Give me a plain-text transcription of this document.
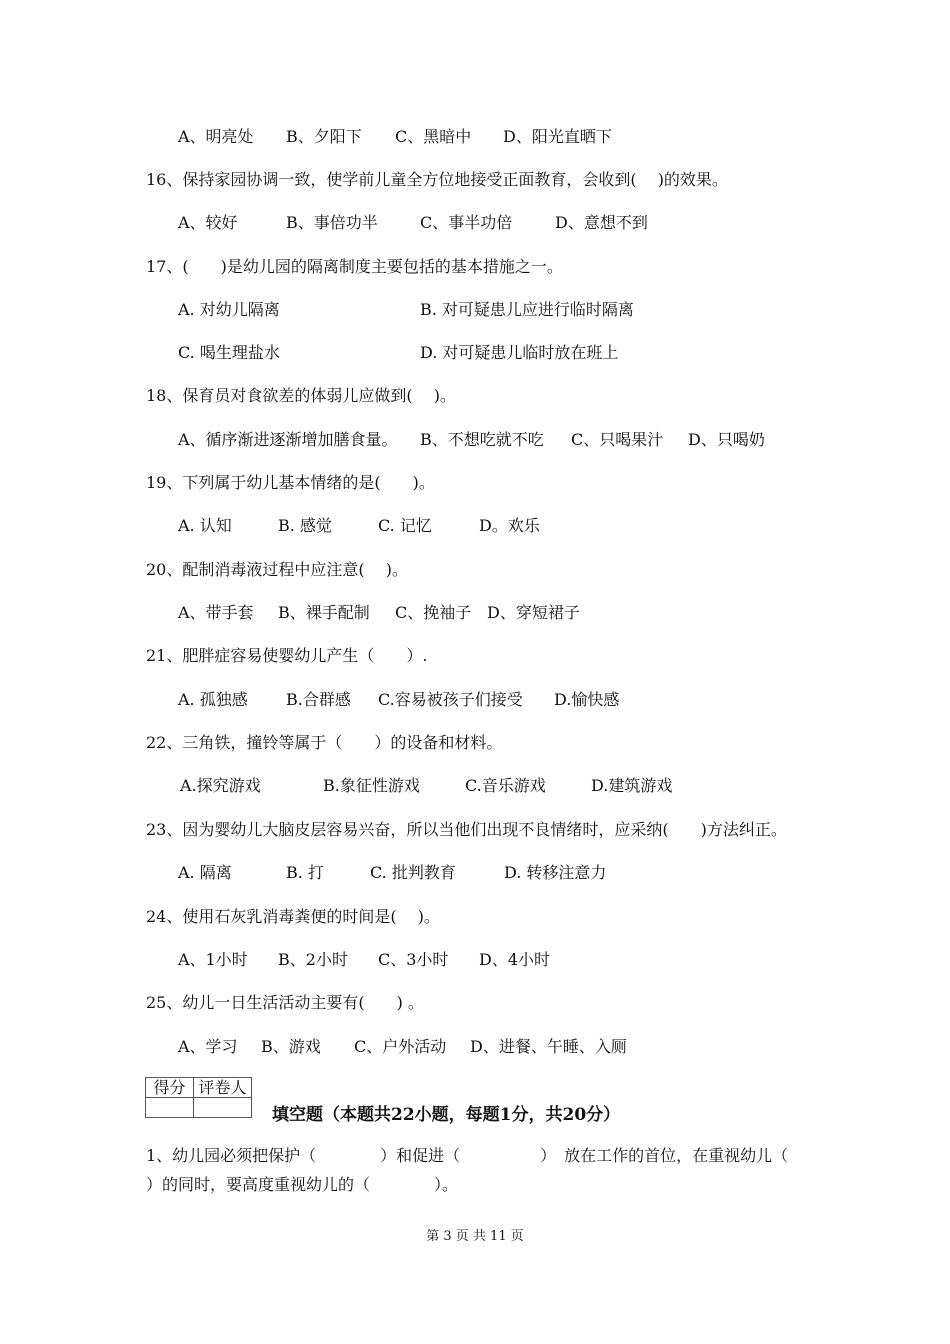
A、明亮处 B、夕阳下 C、黑暗中 D、阳光直晒下
16、保持家园协调一致，使学前儿童全方位地接受正面教育，会收到(　 )的效果。
A、较好	B、事倍功半	C、事半功倍	D、意想不到
17、(　　)是幼儿园的隔离制度主要包括的基本措施之一。
A. 对幼儿隔离	B. 对可疑患儿应进行临时隔离
C. 喝生理盐水	D. 对可疑患儿临时放在班上
18、保育员对食欲差的体弱儿应做到(　 )。
A、循序渐进逐渐增加膳食量。 B、不想吃就不吃 C、只喝果汁 D、只喝奶
19、下列属于幼儿基本情绪的是(　　)。
A. 认知	B. 感觉	C. 记忆	D。欢乐
20、配制消毒液过程中应注意(　 )。
A、带手套 B、裸手配制 C、挽袖子 D、穿短裙子
21、肥胖症容易使婴幼儿产生（　　）.
A. 孤独感 B.合群感 C.容易被孩子们接受 D.愉快感
22、三角铁，撞铃等属于（　　）的设备和材料。
A.探究游戏	B.象征性游戏	C.音乐游戏	D.建筑游戏
23、因为婴幼儿大脑皮层容易兴奋，所以当他们出现不良情绪时，应采纳(　　)方法纠正。
A. 隔离	B. 打	C. 批判教育	D. 转移注意力
24、使用石灰乳消毒粪便的时间是(　 )。
A、1小时 B、2小时 C、3小时 D、4小时
25、幼儿一日生活活动主要有(　　) 。
A、学习 B、游戏 C、户外活动 D、进餐、午睡、入厕
得分	评卷人

填空题（本题共22小题，每题1分，共20分）
1、幼儿园必须把保护（　　　　）和促进（　　　　　）　放在工作的首位，在重视幼儿（
）的同时，要高度重视幼儿的（　　　　）。
第 3 页 共 11 页
